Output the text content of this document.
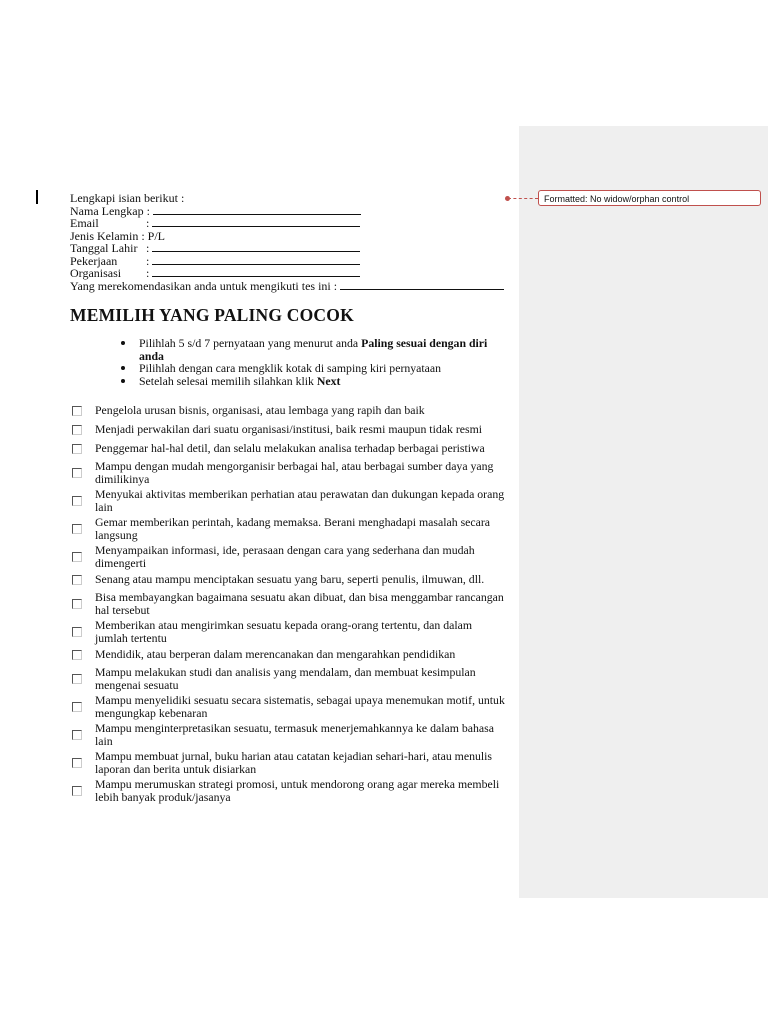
Formatted: No widow/orphan control
Lengkapi isian berikut :
Nama Lengkap :
Email	:
Jenis Kelamin : P/L
Tanggal Lahir :
Pekerjaan :
Organisasi :
Yang merekomendasikan anda untuk mengikuti tes ini :
MEMILIH YANG PALING COCOK
Pilihlah 5 s/d 7 pernyataan yang menurut anda Paling sesuai dengan diri anda
Pilihlah dengan cara mengklik kotak di samping kiri pernyataan
Setelah selesai memilih silahkan klik Next
Pengelola urusan bisnis, organisasi, atau lembaga yang rapih dan baik
Menjadi perwakilan dari suatu organisasi/institusi, baik resmi maupun tidak resmi
Penggemar hal-hal detil, dan selalu melakukan analisa terhadap berbagai peristiwa
Mampu dengan mudah mengorganisir berbagai hal, atau berbagai sumber daya yang dimilikinya
Menyukai aktivitas memberikan perhatian atau perawatan dan dukungan kepada orang lain
Gemar memberikan perintah, kadang memaksa. Berani menghadapi masalah secara langsung
Menyampaikan informasi, ide, perasaan dengan cara yang sederhana dan mudah dimengerti
Senang atau mampu menciptakan sesuatu yang baru, seperti penulis, ilmuwan, dll.
Bisa membayangkan bagaimana sesuatu akan dibuat, dan bisa menggambar rancangan hal tersebut
Memberikan atau mengirimkan sesuatu kepada orang-orang tertentu, dan dalam jumlah tertentu
Mendidik, atau berperan dalam merencanakan dan mengarahkan pendidikan
Mampu melakukan studi dan analisis yang mendalam, dan membuat kesimpulan mengenai sesuatu
Mampu menyelidiki sesuatu secara sistematis, sebagai upaya menemukan motif, untuk mengungkap kebenaran
Mampu menginterpretasikan sesuatu, termasuk menerjemahkannya ke dalam bahasa lain
Mampu membuat jurnal, buku harian atau catatan kejadian sehari-hari, atau menulis laporan dan berita untuk disiarkan
Mampu merumuskan strategi promosi, untuk mendorong orang agar mereka membeli lebih banyak produk/jasanya
